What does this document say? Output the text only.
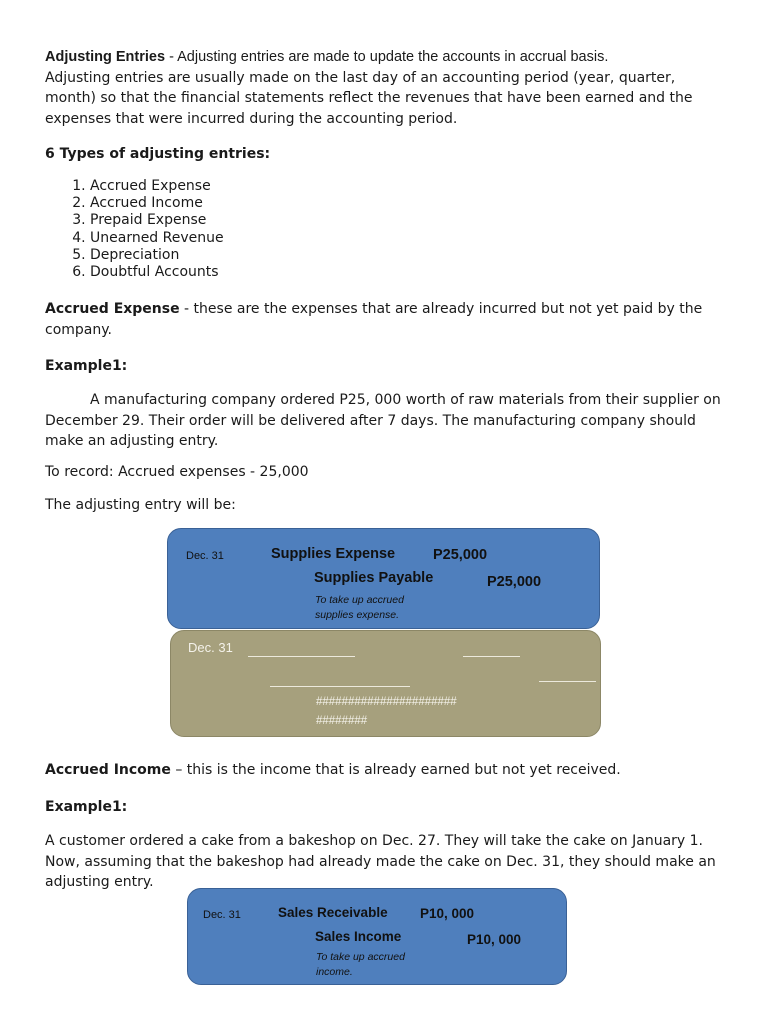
Adjusting Entries - Adjusting entries are made to update the accounts in accrual basis.
Adjusting entries are usually made on the last day of an accounting period (year, quarter, month) so that the financial statements reflect the revenues that have been earned and the expenses that were incurred during the accounting period.
6 Types of adjusting entries:
1. Accrued Expense
2. Accrued Income
3. Prepaid Expense
4. Unearned Revenue
5. Depreciation
6. Doubtful Accounts
Accrued Expense - these are the expenses that are already incurred but not yet paid by the company.
Example1:
A manufacturing company ordered P25, 000 worth of raw materials from their supplier on December 29. Their order will be delivered after 7 days. The manufacturing company should make an adjusting entry.
To record: Accrued expenses - 25,000
The adjusting entry will be:
Dec. 31	Supplies Expense	P25,000
Supplies Payable	P25,000
To take up accrued
supplies expense.
Dec. 31
######################
########
Accrued Income – this is the income that is already earned but not yet received.
Example1:
A customer ordered a cake from a bakeshop on Dec. 27. They will take the cake on January 1. Now, assuming that the bakeshop had already made the cake on Dec. 31, they should make an adjusting entry.
Dec. 31	Sales Receivable P10, 000
Sales Income	P10, 000
To take up accrued
income.
